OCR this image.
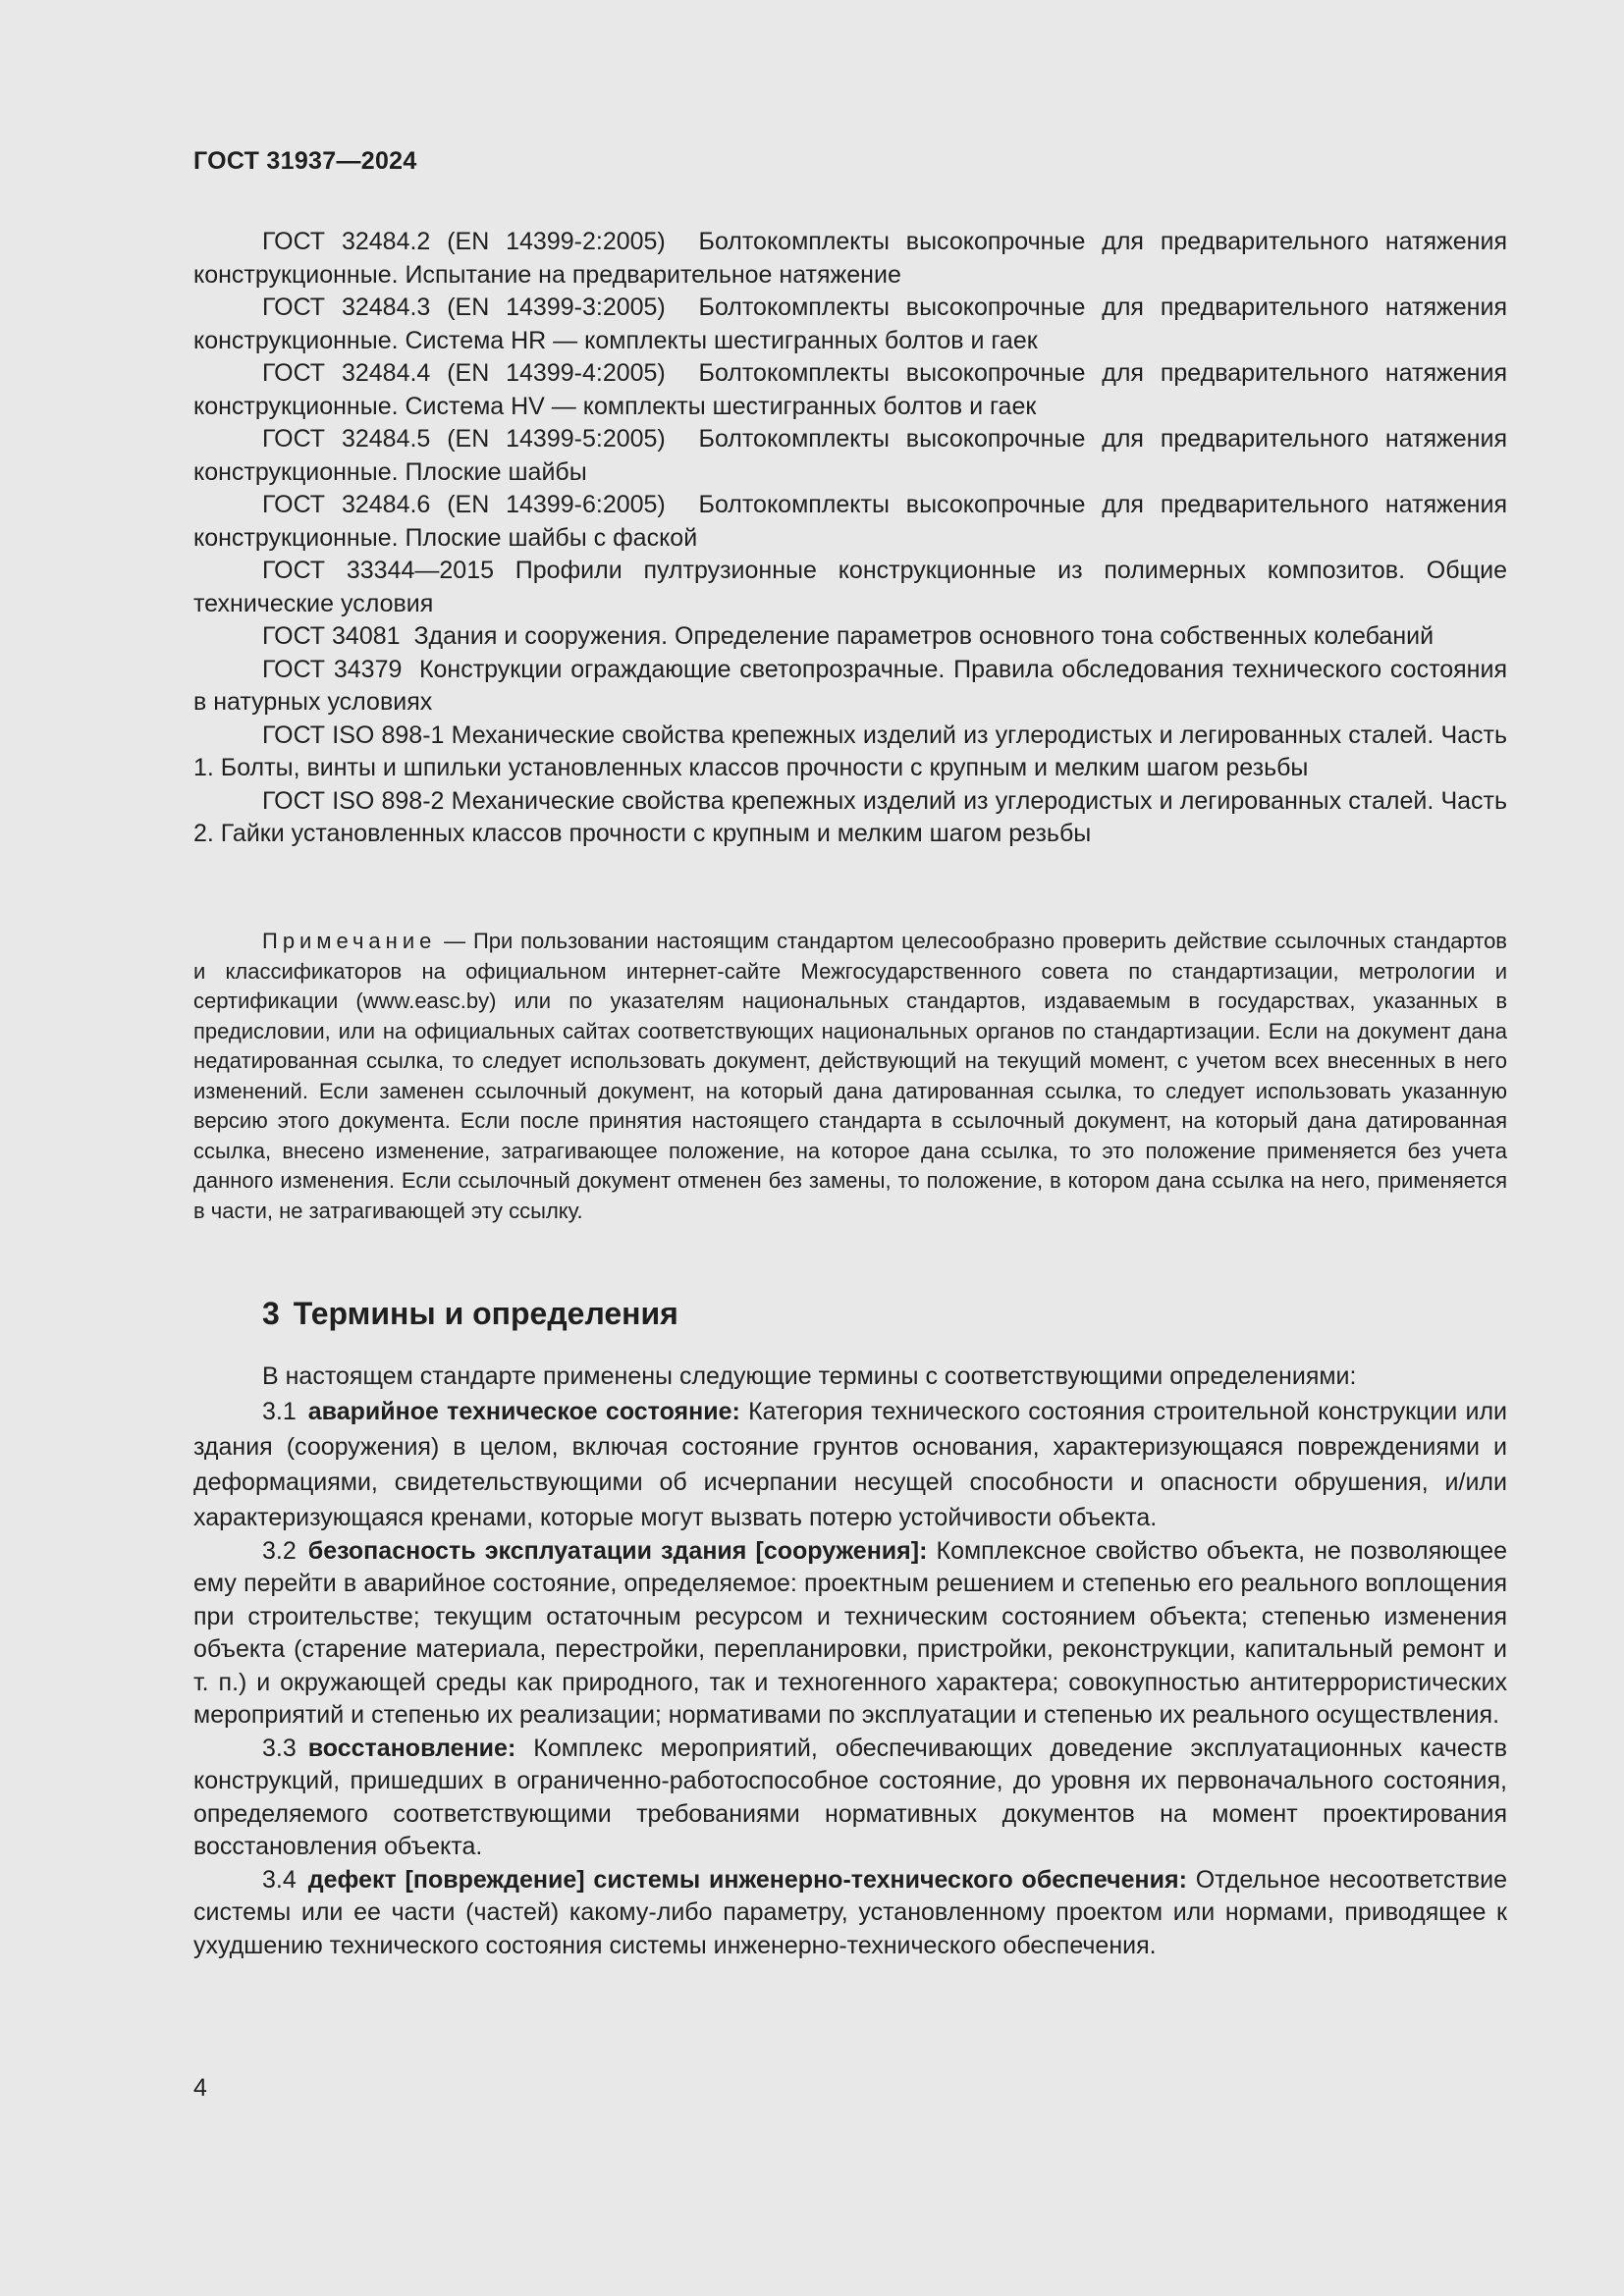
ГОСТ 31937—2024

ГОСТ 32484.2 (EN 14399-2:2005) Болтокомплекты высокопрочные для предварительного натяжения конструкционные. Испытание на предварительное натяжение

ГОСТ 32484.3 (EN 14399-3:2005) Болтокомплекты высокопрочные для предварительного натяжения конструкционные. Система HR — комплекты шестигранных болтов и гаек

ГОСТ 32484.4 (EN 14399-4:2005) Болтокомплекты высокопрочные для предварительного натяжения конструкционные. Система HV — комплекты шестигранных болтов и гаек

ГОСТ 32484.5 (EN 14399-5:2005) Болтокомплекты высокопрочные для предварительного натяжения конструкционные. Плоские шайбы

ГОСТ 32484.6 (EN 14399-6:2005) Болтокомплекты высокопрочные для предварительного натяжения конструкционные. Плоские шайбы с фаской

ГОСТ 33344—2015 Профили пултрузионные конструкционные из полимерных композитов. Общие технические условия

ГОСТ 34081 Здания и сооружения. Определение параметров основного тона собственных колебаний

ГОСТ 34379 Конструкции ограждающие светопрозрачные. Правила обследования технического состояния в натурных условиях

ГОСТ ISO 898-1 Механические свойства крепежных изделий из углеродистых и легированных сталей. Часть 1. Болты, винты и шпильки установленных классов прочности с крупным и мелким шагом резьбы

ГОСТ ISO 898-2 Механические свойства крепежных изделий из углеродистых и легированных сталей. Часть 2. Гайки установленных классов прочности с крупным и мелким шагом резьбы

Примечание — При пользовании настоящим стандартом целесообразно проверить действие ссылочных стандартов и классификаторов на официальном интернет-сайте Межгосударственного совета по стандартизации, метрологии и сертификации (www.easc.by) или по указателям национальных стандартов, издаваемым в государствах, указанных в предисловии, или на официальных сайтах соответствующих национальных органов по стандартизации. Если на документ дана недатированная ссылка, то следует использовать документ, действующий на текущий момент, с учетом всех внесенных в него изменений. Если заменен ссылочный документ, на который дана датированная ссылка, то следует использовать указанную версию этого документа. Если после принятия настоящего стандарта в ссылочный документ, на который дана датированная ссылка, внесено изменение, затрагивающее положение, на которое дана ссылка, то это положение применяется без учета данного изменения. Если ссылочный документ отменен без замены, то положение, в котором дана ссылка на него, применяется в части, не затрагивающей эту ссылку.

3 Термины и определения

В настоящем стандарте применены следующие термины с соответствующими определениями:

3.1 аварийное техническое состояние: Категория технического состояния строительной конструкции или здания (сооружения) в целом, включая состояние грунтов основания, характеризующаяся повреждениями и деформациями, свидетельствующими об исчерпании несущей способности и опасности обрушения, и/или характеризующаяся кренами, которые могут вызвать потерю устойчивости объекта.

3.2 безопасность эксплуатации здания [сооружения]: Комплексное свойство объекта, не позволяющее ему перейти в аварийное состояние, определяемое: проектным решением и степенью его реального воплощения при строительстве; текущим остаточным ресурсом и техническим состоянием объекта; степенью изменения объекта (старение материала, перестройки, перепланировки, пристройки, реконструкции, капитальный ремонт и т. п.) и окружающей среды как природного, так и техногенного характера; совокупностью антитеррористических мероприятий и степенью их реализации; нормативами по эксплуатации и степенью их реального осуществления.

3.3 восстановление: Комплекс мероприятий, обеспечивающих доведение эксплуатационных качеств конструкций, пришедших в ограниченно-работоспособное состояние, до уровня их первоначального состояния, определяемого соответствующими требованиями нормативных документов на момент проектирования восстановления объекта.

3.4 дефект [повреждение] системы инженерно-технического обеспечения: Отдельное несоответствие системы или ее части (частей) какому-либо параметру, установленному проектом или нормами, приводящее к ухудшению технического состояния системы инженерно-технического обеспечения.

4
